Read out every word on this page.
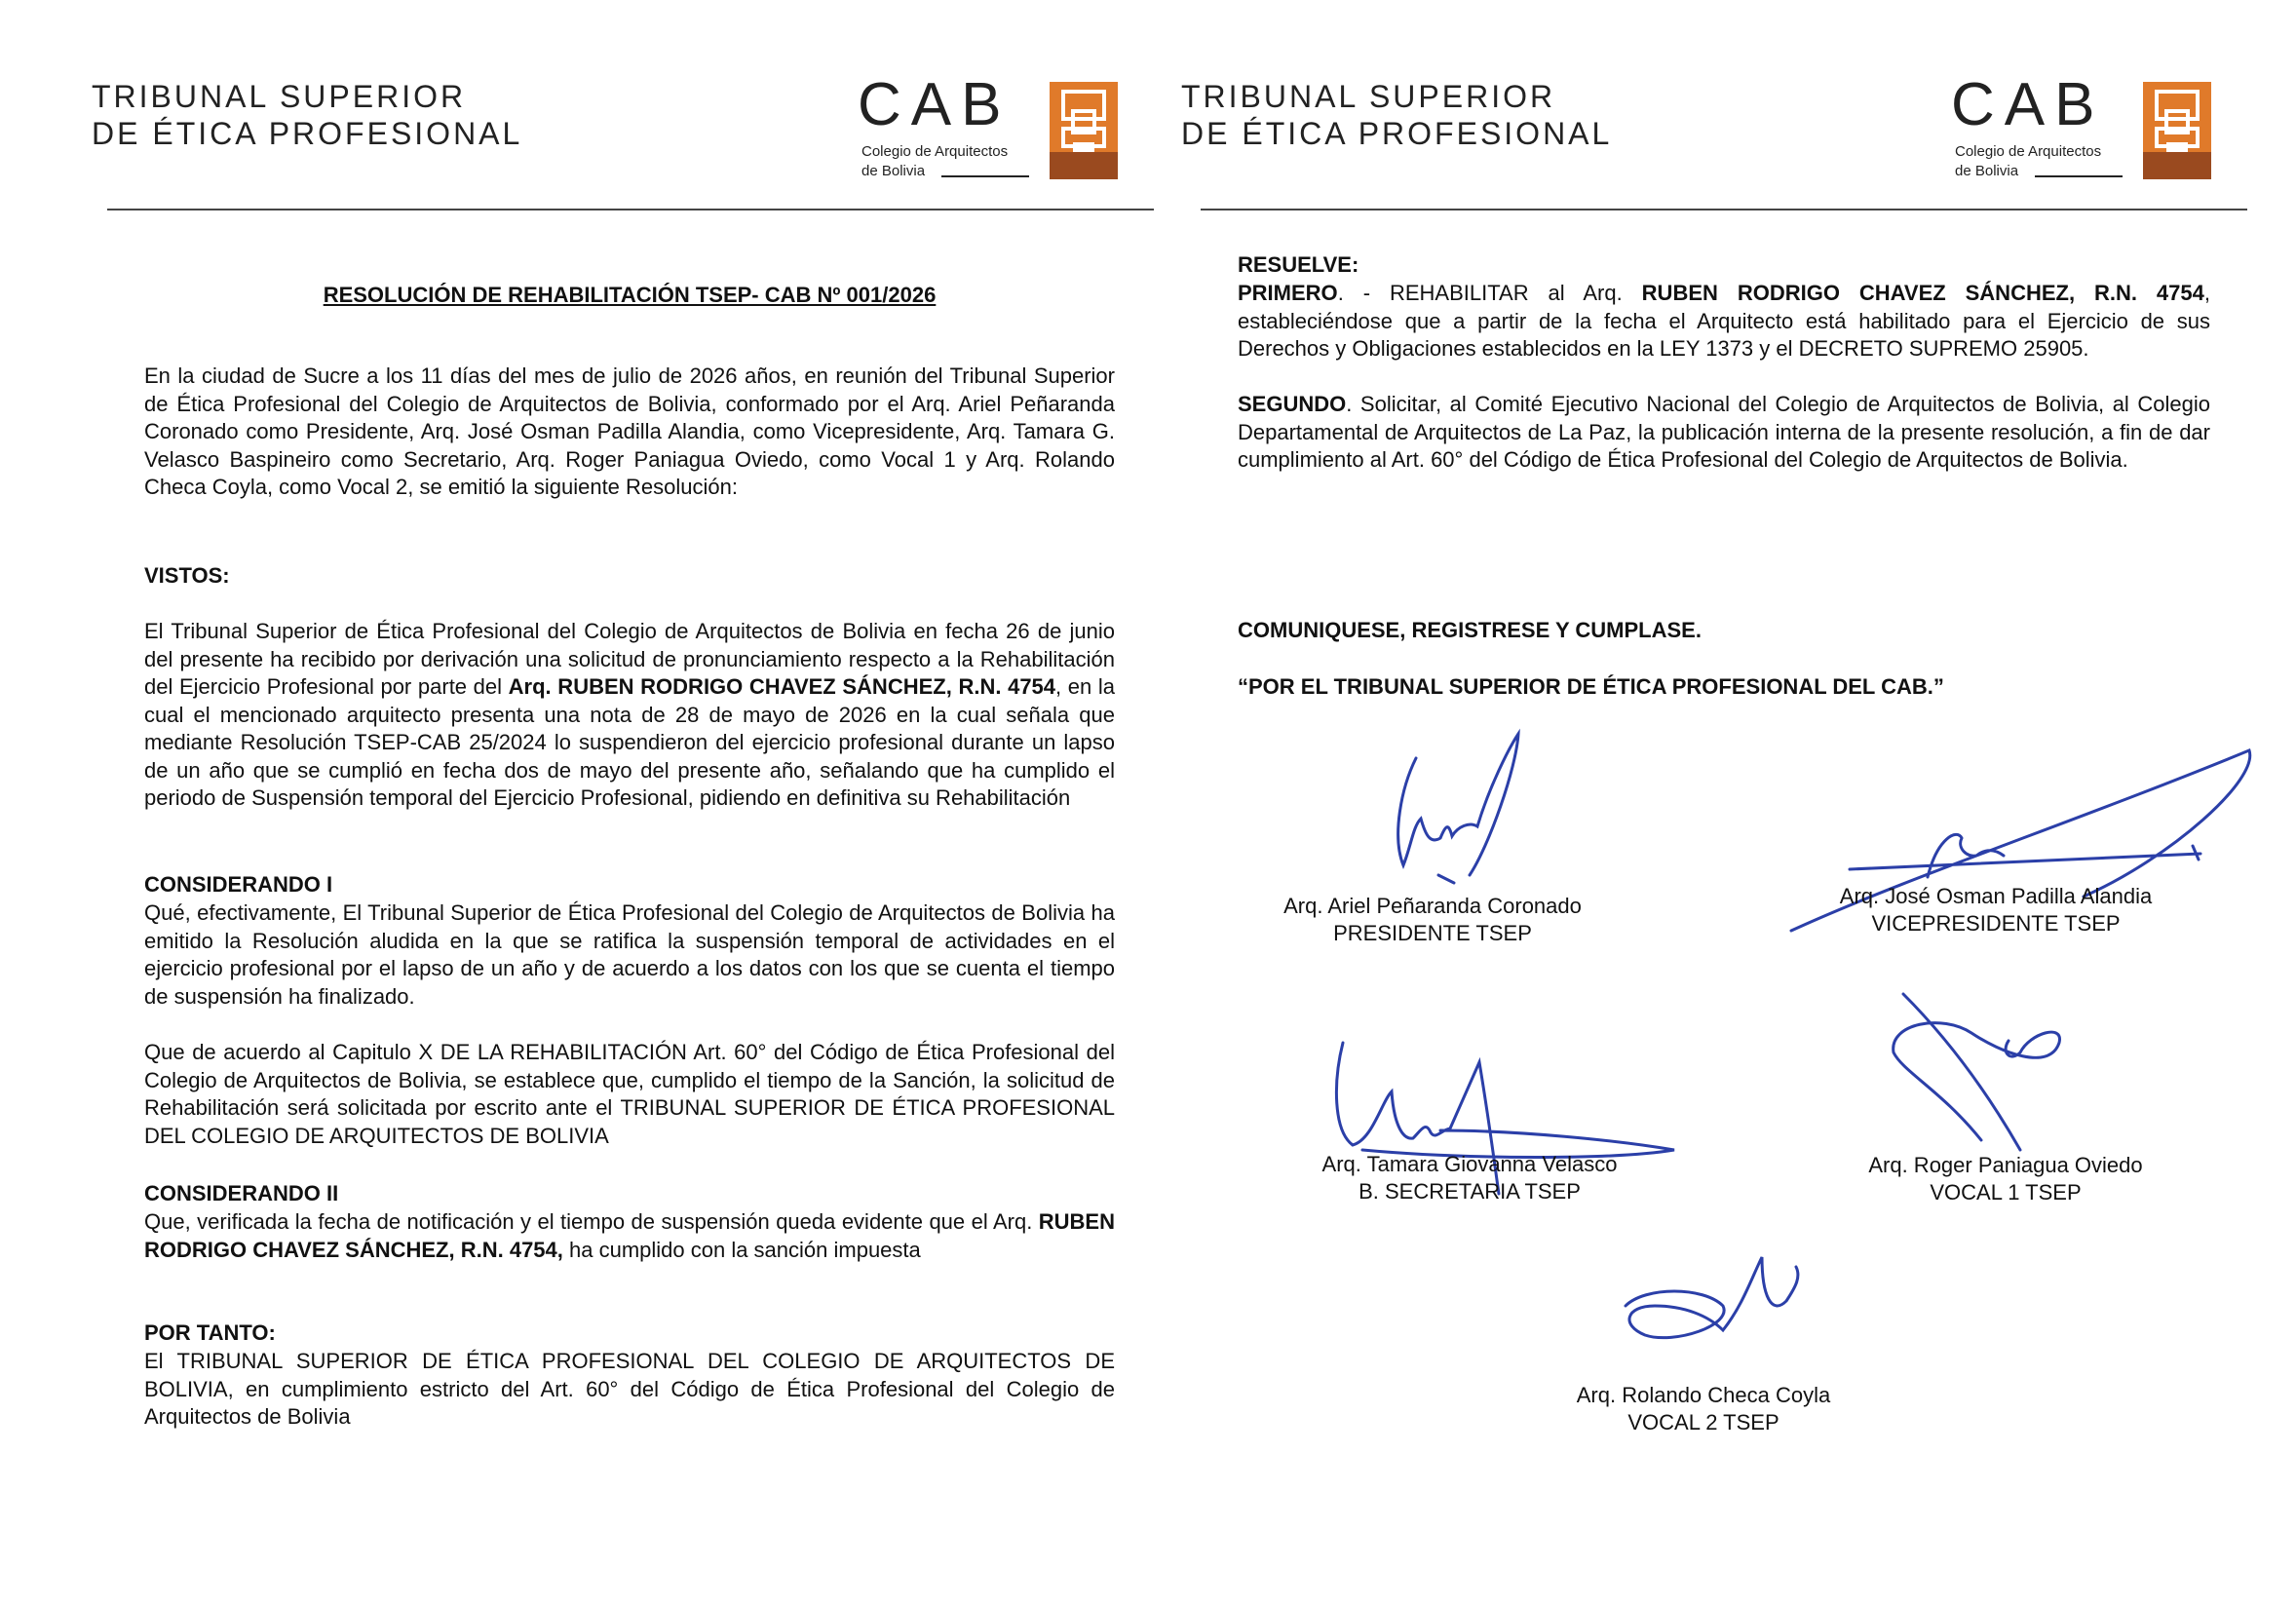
TRIBUNAL SUPERIOR
DE ÉTICA PROFESIONAL	CAB
Colegio de Arquitectos
de Bolivia
RESOLUCIÓN DE REHABILITACIÓN TSEP- CAB Nº 001/2026
En la ciudad de Sucre a los 11 días del mes de julio de 2026 años, en reunión del Tribunal Superior de Ética Profesional del Colegio de Arquitectos de Bolivia, conformado por el Arq. Ariel Peñaranda Coronado como Presidente, Arq. José Osman Padilla Alandia, como Vicepresidente, Arq. Tamara G. Velasco Baspineiro como Secretario, Arq. Roger Paniagua Oviedo, como Vocal 1 y Arq. Rolando Checa Coyla, como Vocal 2, se emitió la siguiente Resolución:
VISTOS:
El Tribunal Superior de Ética Profesional del Colegio de Arquitectos de Bolivia en fecha 26 de junio del presente ha recibido por derivación una solicitud de pronunciamiento respecto a la Rehabilitación del Ejercicio Profesional por parte del Arq. RUBEN RODRIGO CHAVEZ SÁNCHEZ, R.N. 4754, en la cual el mencionado arquitecto presenta una nota de 28 de mayo de 2026 en la cual señala que mediante Resolución TSEP-CAB 25/2024 lo suspendieron del ejercicio profesional durante un lapso de un año que se cumplió en fecha dos de mayo del presente año, señalando que ha cumplido el periodo de Suspensión temporal del Ejercicio Profesional, pidiendo en definitiva su Rehabilitación
CONSIDERANDO I
Qué, efectivamente, El Tribunal Superior de Ética Profesional del Colegio de Arquitectos de Bolivia ha emitido la Resolución aludida en la que se ratifica la suspensión temporal de actividades en el ejercicio profesional por el lapso de un año y de acuerdo a los datos con los que se cuenta el tiempo de suspensión ha finalizado.
Que de acuerdo al Capitulo X DE LA REHABILITACIÓN Art. 60° del Código de Ética Profesional del Colegio de Arquitectos de Bolivia, se establece que, cumplido el tiempo de la Sanción, la solicitud de Rehabilitación será solicitada por escrito ante el TRIBUNAL SUPERIOR DE ÉTICA PROFESIONAL DEL COLEGIO DE ARQUITECTOS DE BOLIVIA
CONSIDERANDO II
Que, verificada la fecha de notificación y el tiempo de suspensión queda evidente que el Arq. RUBEN RODRIGO CHAVEZ SÁNCHEZ, R.N. 4754, ha cumplido con la sanción impuesta
POR TANTO:
El TRIBUNAL SUPERIOR DE ÉTICA PROFESIONAL DEL COLEGIO DE ARQUITECTOS DE BOLIVIA, en cumplimiento estricto del Art. 60° del Código de Ética Profesional del Colegio de Arquitectos de Bolivia
TRIBUNAL SUPERIOR
DE ÉTICA PROFESIONAL	CAB
Colegio de Arquitectos
de Bolivia
RESUELVE:
PRIMERO. - REHABILITAR al Arq. RUBEN RODRIGO CHAVEZ SÁNCHEZ, R.N. 4754, estableciéndose que a partir de la fecha el Arquitecto está habilitado para el Ejercicio de sus Derechos y Obligaciones establecidos en la LEY 1373 y el DECRETO SUPREMO 25905.
SEGUNDO. Solicitar, al Comité Ejecutivo Nacional del Colegio de Arquitectos de Bolivia, al Colegio Departamental de Arquitectos de La Paz, la publicación interna de la presente resolución, a fin de dar cumplimiento al Art. 60° del Código de Ética Profesional del Colegio de Arquitectos de Bolivia.
COMUNIQUESE, REGISTRESE Y CUMPLASE.
“POR EL TRIBUNAL SUPERIOR DE ÉTICA PROFESIONAL DEL CAB.”
Arq. Ariel Peñaranda Coronado
PRESIDENTE TSEP
Arq. José Osman Padilla Alandia
VICEPRESIDENTE TSEP
Arq. Tamara Giovanna Velasco
B. SECRETARIA TSEP
Arq. Roger Paniagua Oviedo
VOCAL 1 TSEP
Arq. Rolando Checa Coyla
VOCAL 2 TSEP
